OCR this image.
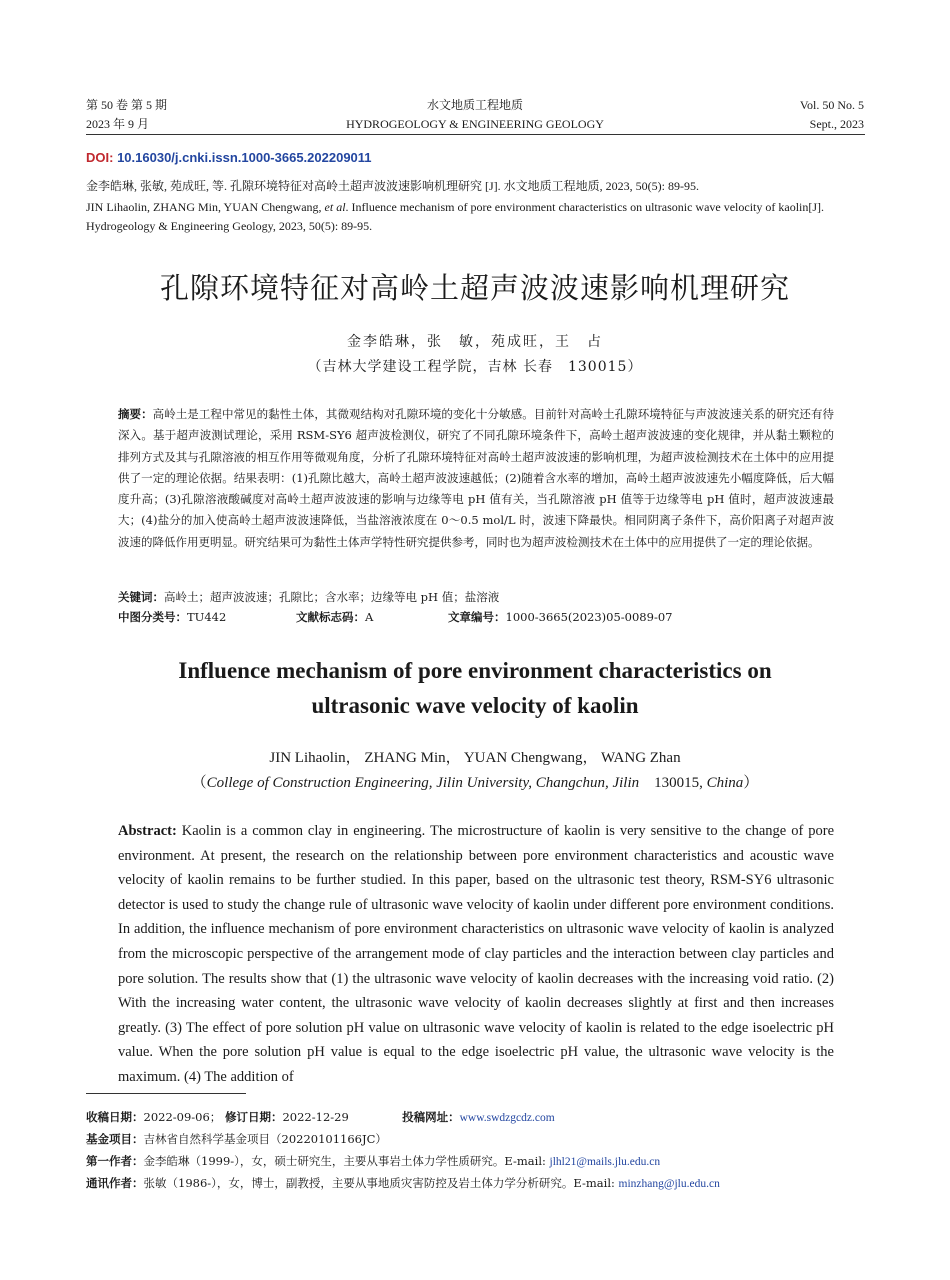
第 50 卷 第 5 期
2023 年 9 月
水文地质工程地质
HYDROGEOLOGY & ENGINEERING GEOLOGY
Vol. 50 No. 5
Sept., 2023
DOI: 10.16030/j.cnki.issn.1000-3665.202209011
金李皓琳, 张敏, 苑成旺, 等. 孔隙环境特征对高岭土超声波波速影响机理研究 [J]. 水文地质工程地质, 2023, 50(5): 89-95.
JIN Lihaolin, ZHANG Min, YUAN Chengwang, et al. Influence mechanism of pore environment characteristics on ultrasonic wave velocity of kaolin[J]. Hydrogeology & Engineering Geology, 2023, 50(5): 89-95.
孔隙环境特征对高岭土超声波波速影响机理研究
金李皓琳，张　敏，苑成旺，王　占
（吉林大学建设工程学院，吉林 长春　130015）
摘要：高岭土是工程中常见的黏性土体，其微观结构对孔隙环境的变化十分敏感。目前针对高岭土孔隙环境特征与声波波速关系的研究还有待深入。基于超声波测试理论，采用 RSM-SY6 超声波检测仪，研究了不同孔隙环境条件下，高岭土超声波波速的变化规律，并从黏土颗粒的排列方式及其与孔隙溶液的相互作用等微观角度，分析了孔隙环境特征对高岭土超声波波速的影响机理，为超声波检测技术在土体中的应用提供了一定的理论依据。结果表明：(1)孔隙比越大，高岭土超声波波速越低；(2)随着含水率的增加，高岭土超声波波速先小幅度降低，后大幅度升高；(3)孔隙溶液酸碱度对高岭土超声波波速的影响与边缘等电 pH 值有关，当孔隙溶液 pH 值等于边缘等电 pH 值时，超声波波速最大；(4)盐分的加入使高岭土超声波波速降低，当盐溶液浓度在 0～0.5 mol/L 时，波速下降最快。相同阴离子条件下，高价阳离子对超声波波速的降低作用更明显。研究结果可为黏性土体声学特性研究提供参考，同时也为超声波检测技术在土体中的应用提供了一定的理论依据。
关键词：高岭土；超声波波速；孔隙比；含水率；边缘等电 pH 值；盐溶液
中图分类号：TU442	文献标志码：A	文章编号：1000-3665(2023)05-0089-07
Influence mechanism of pore environment characteristics on
ultrasonic wave velocity of kaolin
JIN Lihaolin， ZHANG Min， YUAN Chengwang， WANG Zhan
（College of Construction Engineering, Jilin University, Changchun, Jilin 130015, China）
Abstract: Kaolin is a common clay in engineering. The microstructure of kaolin is very sensitive to the change of pore environment. At present, the research on the relationship between pore environment characteristics and acoustic wave velocity of kaolin remains to be further studied. In this paper, based on the ultrasonic test theory, RSM-SY6 ultrasonic detector is used to study the change rule of ultrasonic wave velocity of kaolin under different pore environment conditions. In addition, the influence mechanism of pore environment characteristics on ultrasonic wave velocity of kaolin is analyzed from the microscopic perspective of the arrangement mode of clay particles and the interaction between clay particles and pore solution. The results show that (1) the ultrasonic wave velocity of kaolin decreases with the increasing void ratio. (2) With the increasing water content, the ultrasonic wave velocity of kaolin decreases slightly at first and then increases greatly. (3) The effect of pore solution pH value on ultrasonic wave velocity of kaolin is related to the edge isoelectric pH value. When the pore solution pH value is equal to the edge isoelectric pH value, the ultrasonic wave velocity is the maximum. (4) The addition of
收稿日期：2022-09-06； 修订日期：2022-12-29	投稿网址：www.swdzgcdz.com
基金项目：吉林省自然科学基金项目（20220101166JC）
第一作者：金李皓琳（1999-），女，硕士研究生，主要从事岩土体力学性质研究。E-mail: jlhl21@mails.jlu.edu.cn
通讯作者：张敏（1986-），女，博士，副教授，主要从事地质灾害防控及岩土体力学分析研究。E-mail: minzhang@jlu.edu.cn
